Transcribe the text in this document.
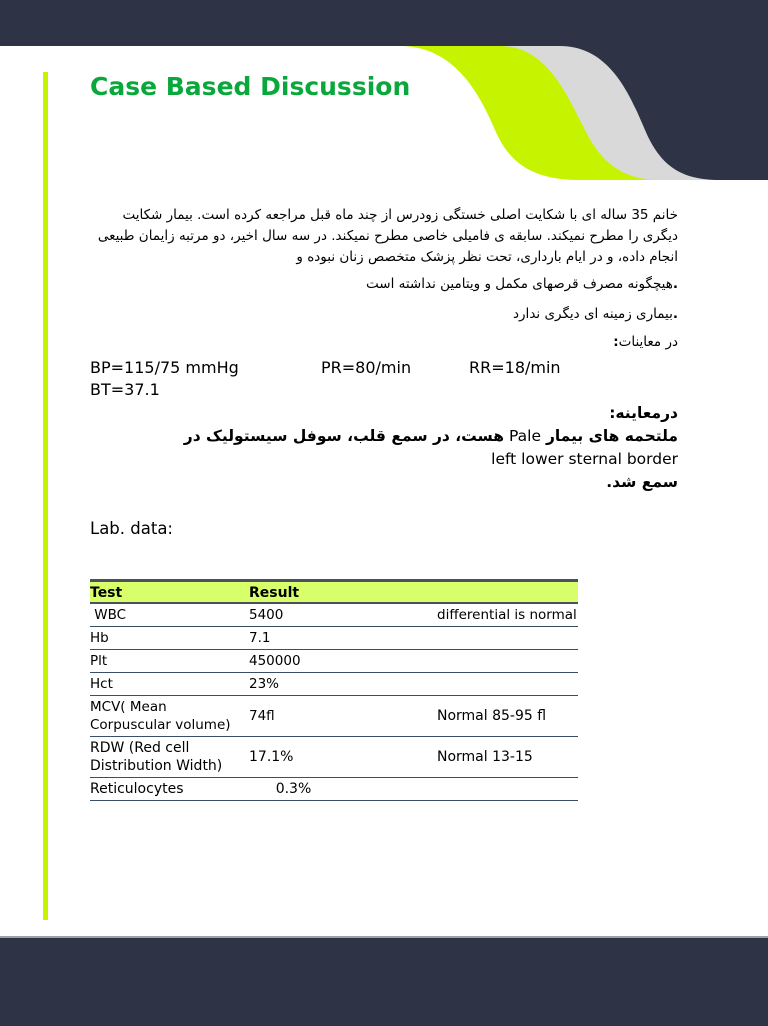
Case Based Discussion

خانم 35 ساله ای با شکایت اصلی خستگی زودرس از چند ماه قبل مراجعه کرده است. بیمار شکایت دیگری را مطرح نمیکند. سابقه ی فامیلی خاصی مطرح نمیکند. در سه سال اخیر، دو مرتبه زایمان طبیعی انجام داده، و در ایام بارداری، تحت نظر پزشک متخصص زنان نبوده و

.هیچگونه مصرف قرصهای مکمل و ویتامین نداشته است

.بیماری زمینه ای دیگری ندارد

در معاینات:

BP=115/75 mmHg	PR=80/min	RR=18/min
BT=37.1
درمعاینه:
ملتحمه های بیمار Pale هست، در سمع قلب، سوفل سیستولیک در
left lower sternal border
سمع شد.
Lab. data:
Test	Result	
WBC	5400	differential is normal
Hb	7.1	
Plt	450000	
Hct	23%	
MCV( Mean Corpuscular volume)	74fl	Normal 85-95 fl
RDW (Red cell Distribution Width)	17.1%	Normal 13-15
Reticulocytes	0.3%	
